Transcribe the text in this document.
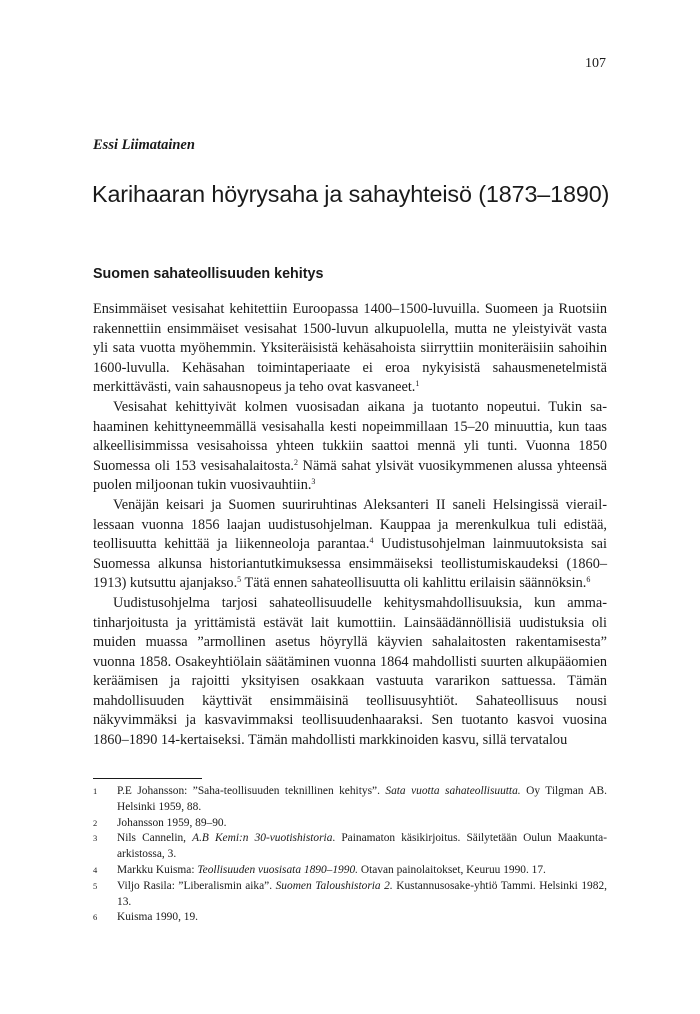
107
Essi Liimatainen
Karihaaran höyrysaha ja sahayhteisö (1873–1890)
Suomen sahateollisuuden kehitys

Ensimmäiset vesisahat kehitettiin Euroopassa 1400–1500-luvuilla. Suomeen ja Ruotsiin rakennettiin ensimmäiset vesisahat 1500-luvun alkupuolella, mutta ne yleistyivät vasta yli sata vuotta myöhemmin. Yksiteräisistä kehäsahoista siirryttiin moniteräisiin sahoihin 1600-luvulla. Kehäsahan toimintaperiaate ei eroa nykyisistä sahausmenetelmistä merkittävästi, vain sahausnopeus ja teho ovat kasvaneet.$^1$

Vesisahat kehittyivät kolmen vuosisadan aikana ja tuotanto nopeutui. Tukin sahaaminen kehittyneemmällä vesisahalla kesti nopeimmillaan 15–20 minuuttia, kun taas alkeellisimmissa vesisahoissa yhteen tukkiin saattoi mennä yli tunti. Vuonna 1850 Suomessa oli 153 vesisahalaitosta.$^2$ Nämä sahat ylsivät vuosikymmenen alussa yhteensä puolen miljoonan tukin vuosivauhtiin.$^3$

Venäjän keisari ja Suomen suuriruhtinas Aleksanteri II saneli Helsingissä vieraillessaan vuonna 1856 laajan uudistusohjelman. Kauppaa ja merenkulkua tuli edistää, teollisuutta kehittää ja liikenneoloja parantaa.$^4$ Uudistusohjelman lainmuutoksista sai Suomessa alkunsa historiantutkimuksessa ensimmäiseksi teollistumiskaudeksi (1860–1913) kutsuttu ajanjakso.$^5$ Tätä ennen sahateollisuutta oli kahlittu erilaisin säännöksin.$^6$

Uudistusohjelma tarjosi sahateollisuudelle kehitysmahdollisuuksia, kun ammatinharjoitusta ja yrittämistä estävät lait kumottiin. Lainsäädännöllisiä uudistuksia oli muiden muassa ”armollinen asetus höyryllä käyvien sahalaitosten rakentamisesta” vuonna 1858. Osakeyhtiölain säätäminen vuonna 1864 mahdollisti suurten alkupääomien keräämisen ja rajoitti yksityisen osakkaan vastuuta vararikon sattuessa. Tämän mahdollisuuden käyttivät ensimmäisinä teollisuusyhtiöt. Sahateollisuus nousi näkyvimmäksi ja kasvavimmaksi teollisuudenhaaraksi. Sen tuotanto kasvoi vuosina 1860–1890 14-kertaiseksi. Tämän mahdollisti markkinoiden kasvu, sillä tervatalou

1	P.E Johansson: ”Saha-teollisuuden teknillinen kehitys”. Sata vuotta sahateollisuutta. Oy Tilgman AB. Helsinki 1959, 88.
2	Johansson 1959, 89–90.
3	Nils Cannelin, A.B Kemi:n 30-vuotishistoria. Painamaton käsikirjoitus. Säilytetään Oulun Maakunta-arkistossa, 3.
4	Markku Kuisma: Teollisuuden vuosisata 1890–1990. Otavan painolaitokset, Keuruu 1990. 17.
5	Viljo Rasila: ”Liberalismin aika”. Suomen Taloushistoria 2. Kustannusosake-yhtiö Tammi. Helsinki 1982, 13.
6	Kuisma 1990, 19.
